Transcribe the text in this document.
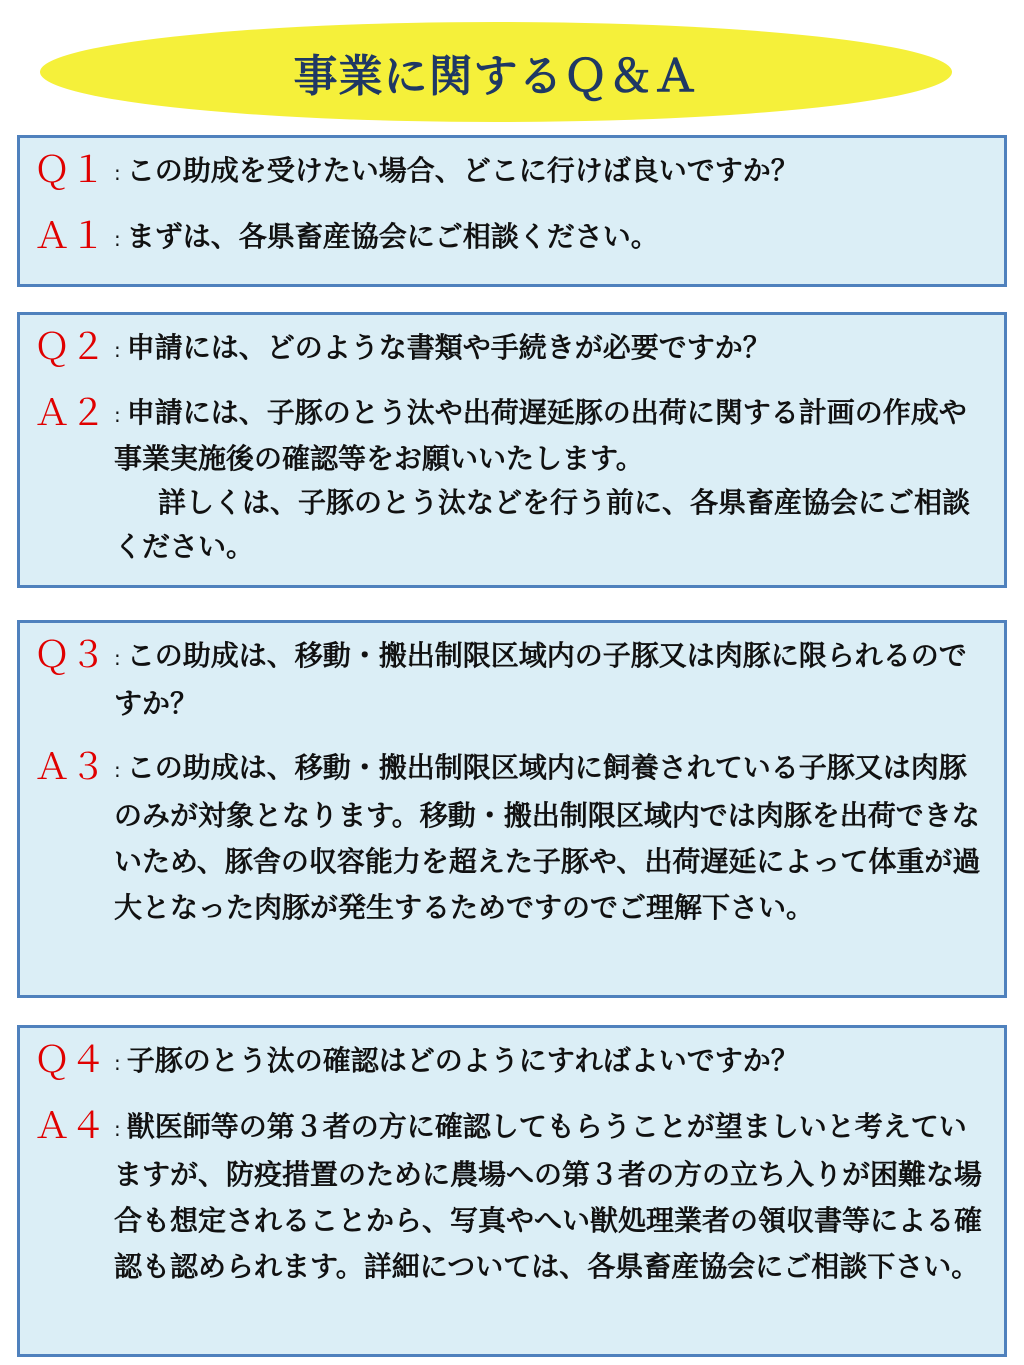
事業に関するＱ＆Ａ
Ｑ１ : この助成を受けたい場合、どこに行けば良いですか？
Ａ１ : まずは、各県畜産協会にご相談ください。
Ｑ２ : 申請には、どのような書類や手続きが必要ですか？
Ａ２ : 申請には、子豚のとう汰や出荷遅延豚の出荷に関する計画の作成や事業実施後の確認等をお願いいたします。
詳しくは、子豚のとう汰などを行う前に、各県畜産協会にご相談ください。
Ｑ３ : この助成は、移動・搬出制限区域内の子豚又は肉豚に限られるのですか？
Ａ３ : この助成は、移動・搬出制限区域内に飼養されている子豚又は肉豚のみが対象となります。移動・搬出制限区域内では肉豚を出荷できないため、豚舎の収容能力を超えた子豚や、出荷遅延によって体重が過大となった肉豚が発生するためですのでご理解下さい。
Ｑ４ : 子豚のとう汰の確認はどのようにすればよいですか？
Ａ４ : 獣医師等の第３者の方に確認してもらうことが望ましいと考えていますが、防疫措置のために農場への第３者の方の立ち入りが困難な場合も想定されることから、写真やへい獣処理業者の領収書等による確認も認められます。詳細については、各県畜産協会にご相談下さい。
